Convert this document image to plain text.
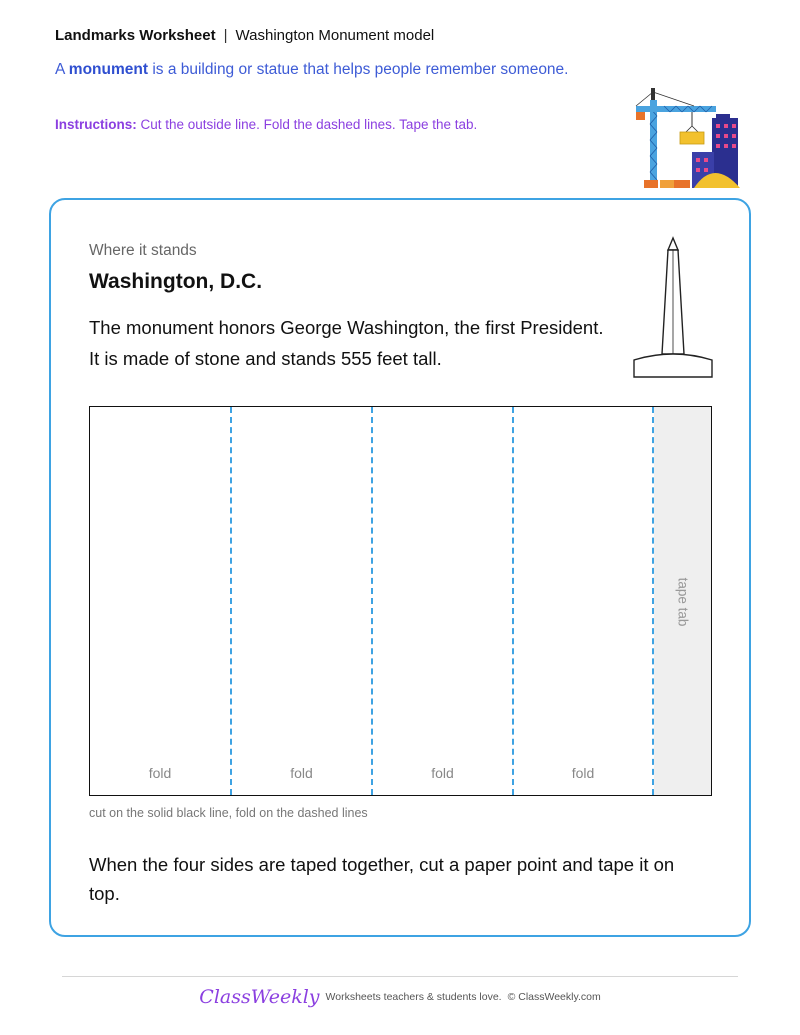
Landmarks Worksheet | Washington Monument model
A monument is a building or statue that helps people remember someone.
Instructions: Cut the outside line. Fold the dashed lines. Tape the tab.
Where it stands
Washington, D.C.
The monument honors George Washington, the first President. It is made of stone and stands 555 feet tall.
fold	fold	fold	fold
tape tab
cut on the solid black line, fold on the dashed lines
When the four sides are taped together, cut a paper point and tape it on top.
ClassWeekly Worksheets teachers & students love. © ClassWeekly.com
